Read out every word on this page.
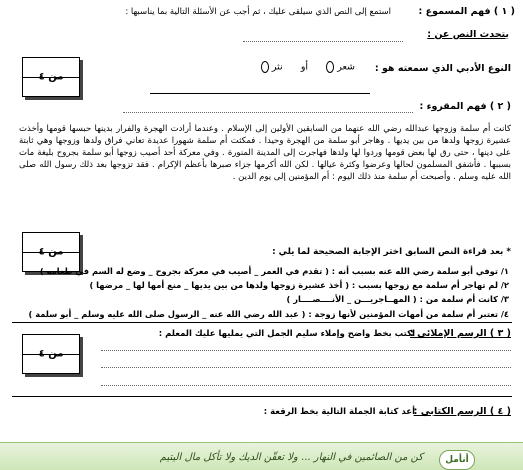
( ١ ) فهم المسموع :
استمع إلى النص الذي سيلقى عليك ، ثم أجب عن الأسئلة التالية بما يناسبها :
يتحدث النص عن :
النوع الأدبي الذي سمعته هو :
شعر       أو      نثر
من ٤
( ٢ ) فهم المقروء :
كانت أم سلمة وزوجها عبدالله رضي الله عنهما من السابقين الأولين إلى الإسلام . وعندما أرادت الهجرة والفرار بدينها حبسها قومها وأخذت عشيرة زوجها ولدها من بين يديها . وهاجر أبو سلمة من الهجرة وحيدا . فمكثت أم سلمة شهورا عديدة تعاني فراق ولدها وزوجها وهي ثابتة على دينها ، حتى رق لها بعض قومها وردوا لها ولدها فهاجرت إلى المدينة المنورة . وفي معركة أحد أصيب زوجها أبو سلمة بجروح بليغة مات بسببها . فأشفق المسلمون لحالها وعرضوا وكثرة عيالها . لكن الله أكرمها جزاء صبرها بأعظم الإكرام . فقد تزوجها بعد ذلك رسول الله صلى الله عليه وسلم . وأصبحت أم سلمة منذ ذلك اليوم : أم المؤمنين إلى يوم الدين .
من ٤	* بعد قراءة النص السابق اختر الإجابة الصحيحة لما يلي :
١/ توفي أبو سلمة رضي الله عنه بسبب أنه : ( تقدم في العمر _ أصيب في معركة بجروح _ وضع له السم في طعامه )
٢/ لم تهاجر أم سلمة مع زوجها بسبب : ( أخذ عشيرة زوجها ولدها من بين يديها _ منع أمها لها _ مرضها )
٣/ كانت أم سلمة من : ( المهــاجريـــن _ الأنــــصــــار )
٤/ تعتبر أم سلمة من أمهات المؤمنين لأنها زوجة : ( عبد الله رضي الله عنه _ الرسول صلى الله عليه وسلم _ أبو سلمة )
( ٣ ) الرسم الإملائي :
اكتب بخط واضح وإملاء سليم الجمل التي يمليها عليك المعلم :
من ٤
( ٤ ) الرسم الكتابي :
أعد كتابة الجملة التالية بخط الرقعة :
أنأمل
كن من الصائمين في النهار ... ولا تعقّن الديك ولا تأكل مال اليتيم
